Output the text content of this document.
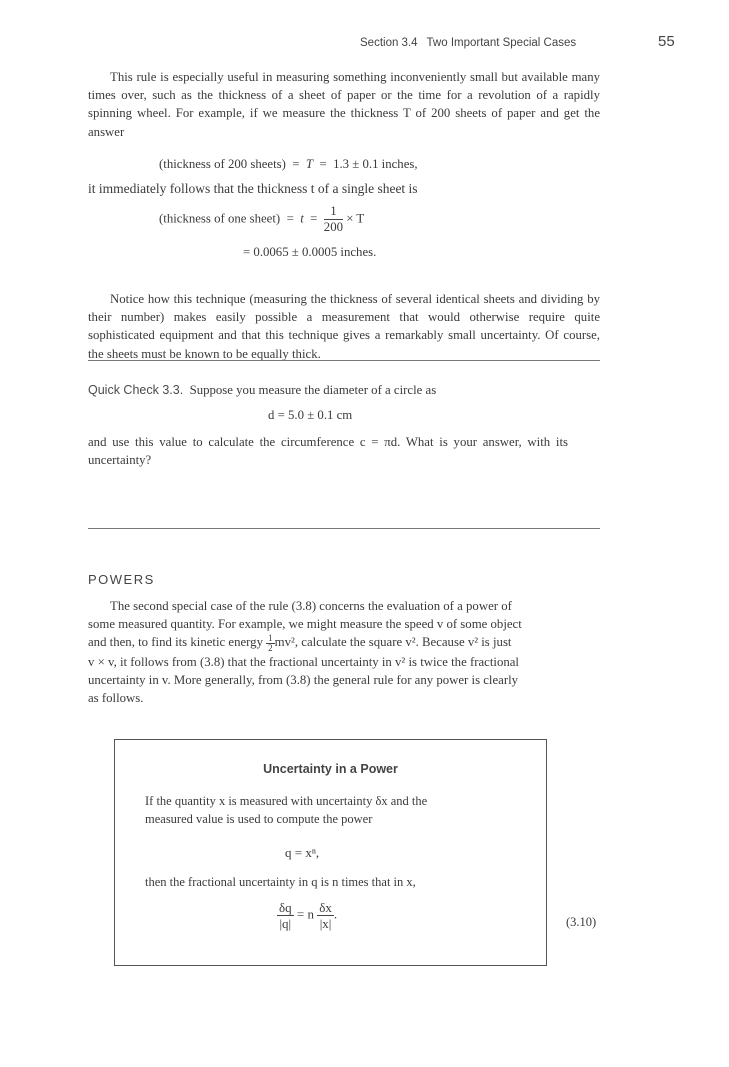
Section 3.4 Two Important Special Cases	55
This rule is especially useful in measuring something inconveniently small but available many times over, such as the thickness of a sheet of paper or the time for a revolution of a rapidly spinning wheel. For example, if we measure the thickness T of 200 sheets of paper and get the answer
(thickness of 200 sheets) = T  =  1.3 ± 0.1 inches,
it immediately follows that the thickness t of a single sheet is
(thickness of one sheet) = $t = \frac{1}{200} \times T$
= 0.0065 ± 0.0005 inches.
Notice how this technique (measuring the thickness of several identical sheets and dividing by their number) makes easily possible a measurement that would otherwise require quite sophisticated equipment and that this technique gives a remarkably small uncertainty. Of course, the sheets must be known to be equally thick.
Quick Check 3.3. Suppose you measure the diameter of a circle as
d = 5.0 ± 0.1 cm
and use this value to calculate the circumference c = πd. What is your answer, with its uncertainty?
POWERS

The second special case of the rule (3.8) concerns the evaluation of a power of

some measured quantity. For example, we might measure the speed v of some object

and then, to find its kinetic energy $\frac{1}{2} mv^2$, calculate the square v². Because v² is just

v × v, it follows from (3.8) that the fractional uncertainty in v² is twice the fractional

uncertainty in v. More generally, from (3.8) the general rule for any power is clearly

as follows.

Uncertainty in a Power

If the quantity x is measured with uncertainty δx and the

measured value is used to compute the power

q = xⁿ,
then the fractional uncertainty in q is n times that in x,
$\frac{\delta q}{|q|} = n \frac{\delta x}{|x|}$ .
(3.10)
